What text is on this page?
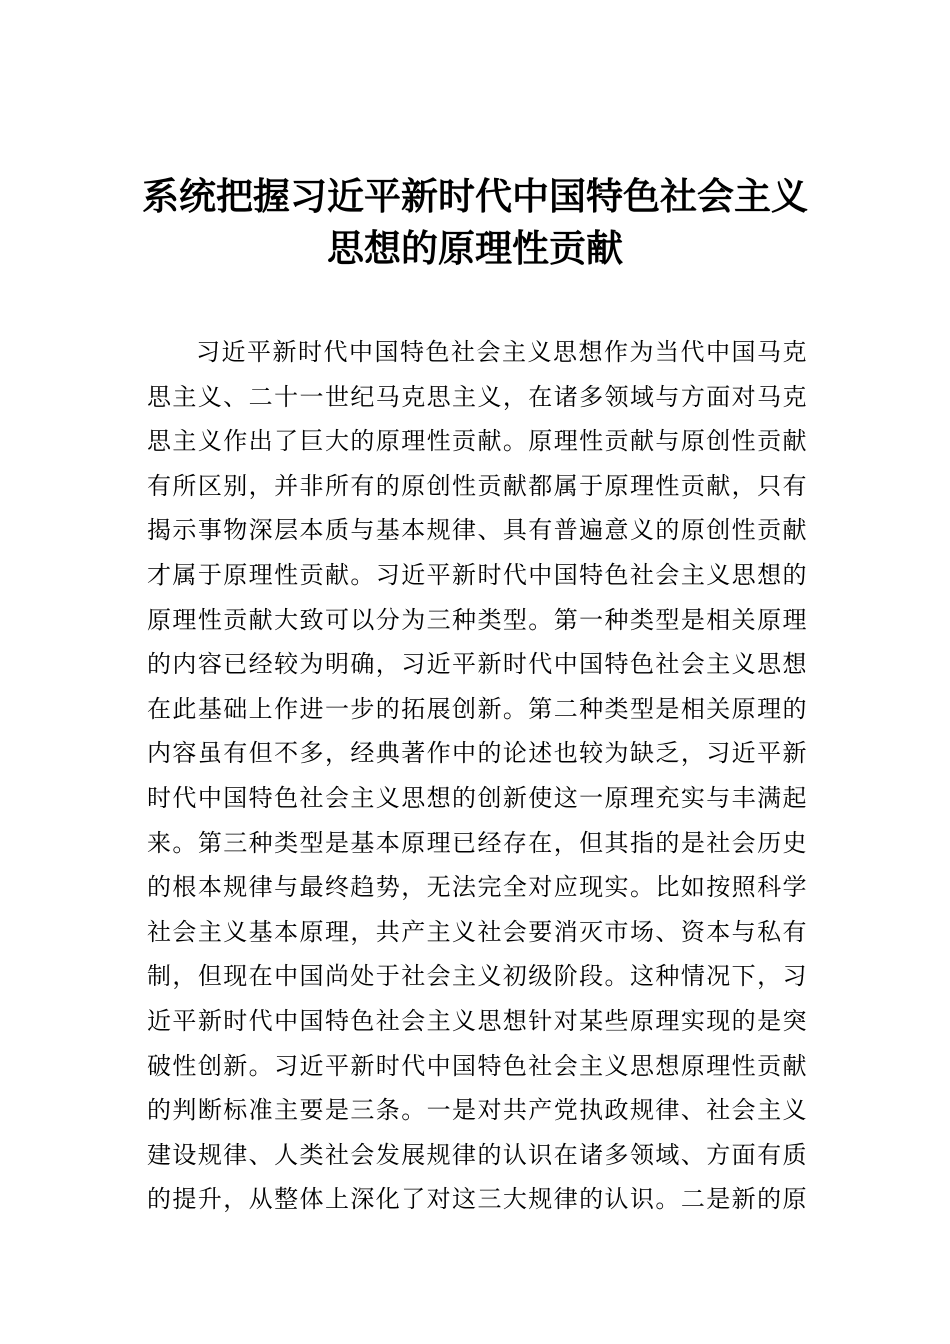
系统把握习近平新时代中国特色社会主义
思想的原理性贡献
习近平新时代中国特色社会主义思想作为当代中国马克
思主义、二十一世纪马克思主义，在诸多领域与方面对马克
思主义作出了巨大的原理性贡献。原理性贡献与原创性贡献
有所区别，并非所有的原创性贡献都属于原理性贡献，只有
揭示事物深层本质与基本规律、具有普遍意义的原创性贡献
才属于原理性贡献。习近平新时代中国特色社会主义思想的
原理性贡献大致可以分为三种类型。第一种类型是相关原理
的内容已经较为明确，习近平新时代中国特色社会主义思想
在此基础上作进一步的拓展创新。第二种类型是相关原理的
内容虽有但不多，经典著作中的论述也较为缺乏，习近平新
时代中国特色社会主义思想的创新使这一原理充实与丰满起
来。第三种类型是基本原理已经存在，但其指的是社会历史
的根本规律与最终趋势，无法完全对应现实。比如按照科学
社会主义基本原理，共产主义社会要消灭市场、资本与私有
制，但现在中国尚处于社会主义初级阶段。这种情况下，习
近平新时代中国特色社会主义思想针对某些原理实现的是突
破性创新。习近平新时代中国特色社会主义思想原理性贡献
的判断标准主要是三条。一是对共产党执政规律、社会主义
建设规律、人类社会发展规律的认识在诸多领域、方面有质
的提升，从整体上深化了对这三大规律的认识。二是新的原
